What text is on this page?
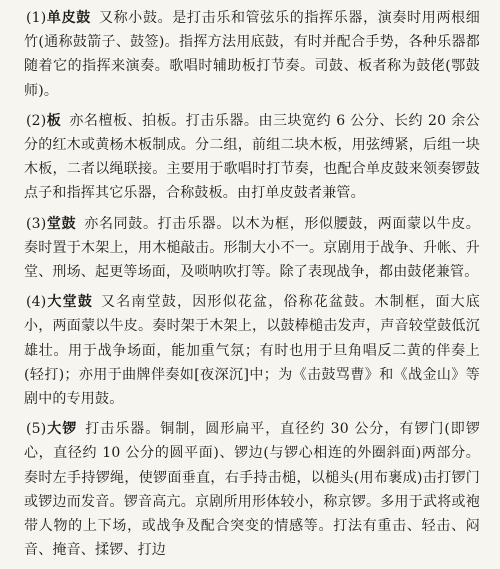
(1)单皮鼓 又称小鼓。是打击乐和管弦乐的指挥乐器，演奏时用两根细竹(通称鼓箭子、鼓签)。指挥方法用底鼓，有时并配合手势，各种乐器都随着它的指挥来演奏。歌唱时辅助板打节奏。司鼓、板者称为鼓佬(鄂鼓师)。

(2)板 亦名檀板、拍板。打击乐器。由三块宽约 6 公分、长约 20 余公分的红木或黄杨木板制成。分二组，前组二块木板，用弦缚紧，后组一块木板，二者以绳联接。主要用于歌唱时打节奏，也配合单皮鼓来领奏锣鼓点子和指挥其它乐器，合称鼓板。由打单皮鼓者兼管。

(3)堂鼓 亦名同鼓。打击乐器。以木为框，形似腰鼓，两面蒙以牛皮。奏时置于木架上，用木槌敲击。形制大小不一。京剧用于战争、升帐、升堂、刑场、起更等场面，及唢呐吹打等。除了表现战争，都由鼓佬兼管。

(4)大堂鼓 又名南堂鼓，因形似花盆，俗称花盆鼓。木制框，面大底小，两面蒙以牛皮。奏时架于木架上，以鼓棒槌击发声，声音较堂鼓低沉雄壮。用于战争场面，能加重气氛；有时也用于旦角唱反二黄的伴奏上(轻打)；亦用于曲牌伴奏如[夜深沉]中；为《击鼓骂曹》和《战金山》等剧中的专用鼓。

(5)大锣 打击乐器。铜制，圆形扁平，直径约 30 公分，有锣门(即锣心，直径约 10 公分的圆平面)、锣边(与锣心相连的外圈斜面)两部分。奏时左手持锣绳，使锣面垂直，右手持击槌，以槌头(用布裹成)击打锣门或锣边而发音。锣音高亢。京剧所用形体较小，称京锣。多用于武将或袍带人物的上下场，或战争及配合突变的情感等。打法有重击、轻击、闷音、掩音、揉锣、打边
